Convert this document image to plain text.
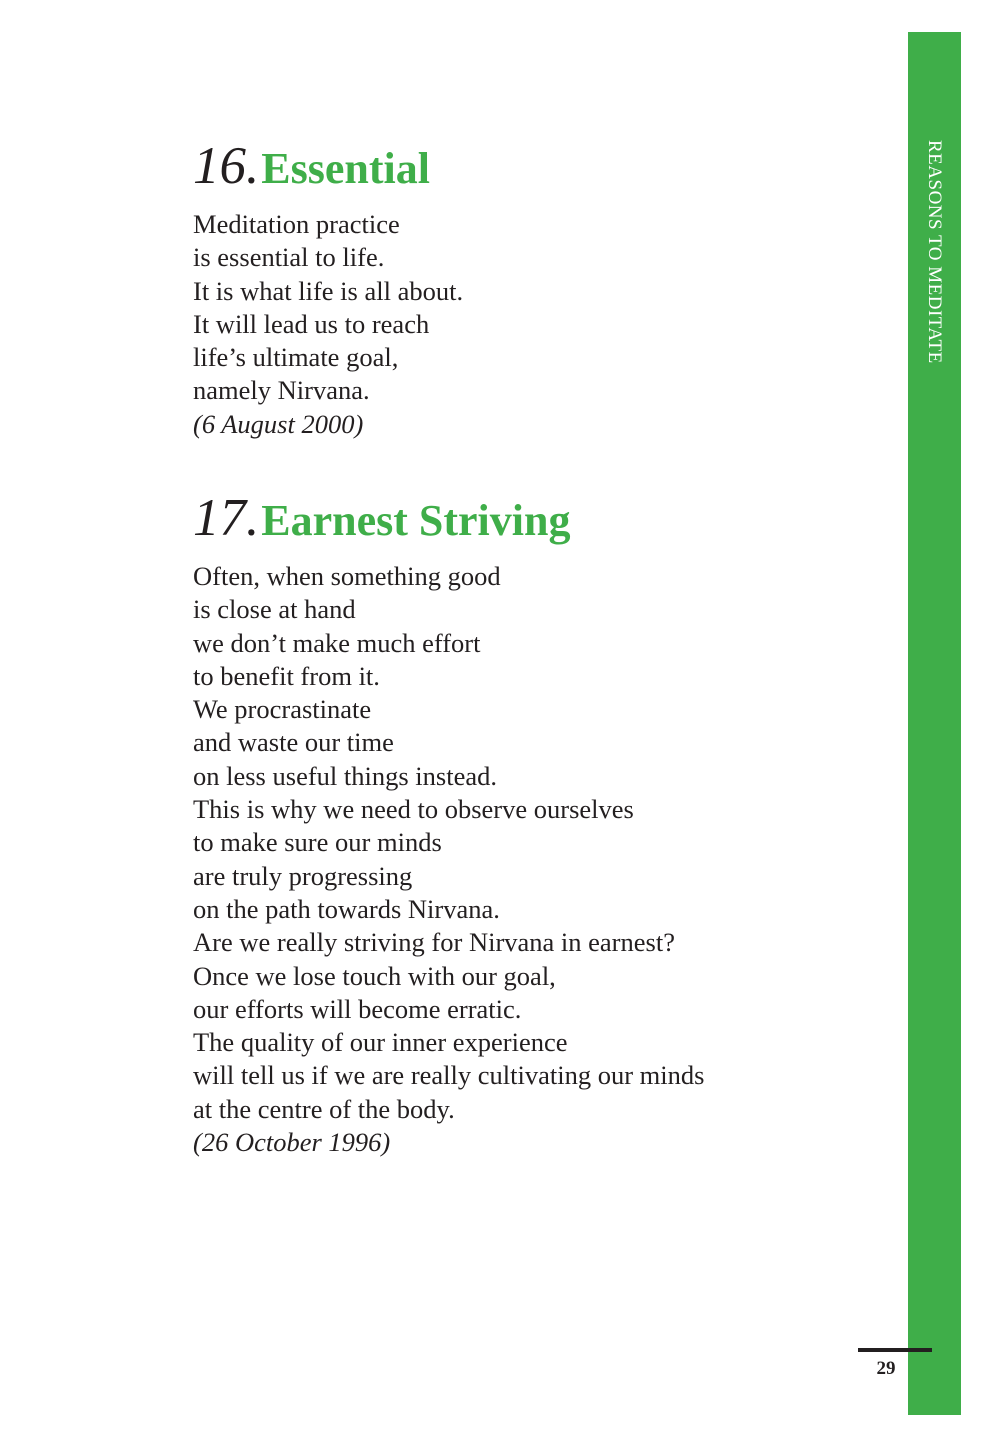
REASONS TO MEDITATE
16. Essential
Meditation practice
is essential to life.
It is what life is all about.
It will lead us to reach
life’s ultimate goal,
namely Nirvana.
(6 August 2000)
17. Earnest Striving
Often, when something good
is close at hand
we don’t make much effort
to benefit from it.
We procrastinate
and waste our time
on less useful things instead.
This is why we need to observe ourselves
to make sure our minds
are truly progressing
on the path towards Nirvana.
Are we really striving for Nirvana in earnest?
Once we lose touch with our goal,
our efforts will become erratic.
The quality of our inner experience
will tell us if we are really cultivating our minds
at the centre of the body.
(26 October 1996)
29
